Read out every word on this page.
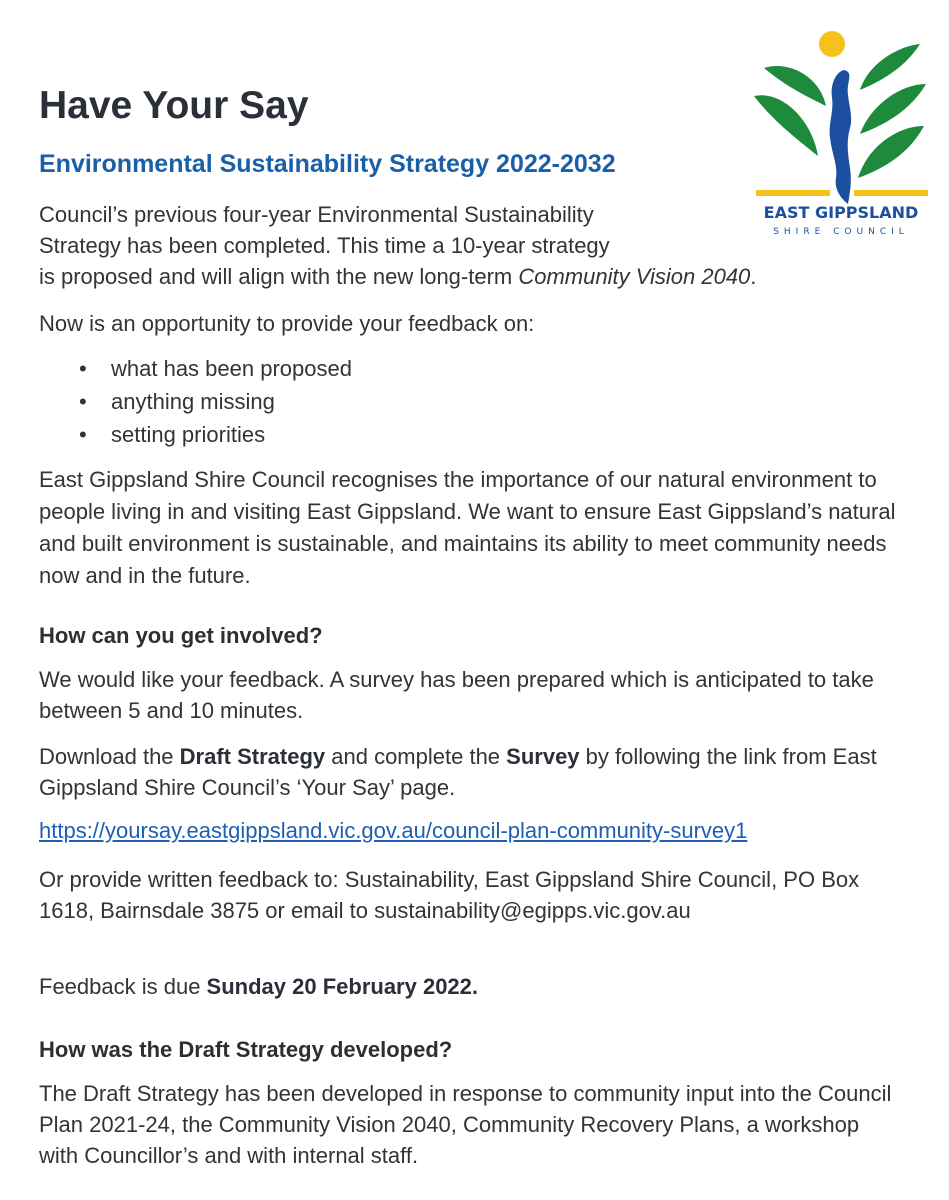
EAST GIPPSLAND
SHIRE COUNCIL
Have Your Say
Environmental Sustainability Strategy 2022-2032

Council’s previous four-year Environmental Sustainability
Strategy has been completed. This time a 10-year strategy
is proposed and will align with the new long-term Community Vision 2040.

Now is an opportunity to provide your feedback on:

• what has been proposed
• anything missing
• setting priorities

East Gippsland Shire Council recognises the importance of our natural environment to people living in and visiting East Gippsland. We want to ensure East Gippsland’s natural and built environment is sustainable, and maintains its ability to meet community needs now and in the future.

How can you get involved?

We would like your feedback. A survey has been prepared which is anticipated to take between 5 and 10 minutes.

Download the Draft Strategy and complete the Survey by following the link from East Gippsland Shire Council’s ‘Your Say’ page.

https://yoursay.eastgippsland.vic.gov.au/council-plan-community-survey1

Or provide written feedback to: Sustainability, East Gippsland Shire Council, PO Box 1618, Bairnsdale 3875 or email to sustainability@egipps.vic.gov.au

Feedback is due Sunday 20 February 2022.

How was the Draft Strategy developed?

The Draft Strategy has been developed in response to community input into the Council Plan 2021-24, the Community Vision 2040, Community Recovery Plans, a workshop with Councillor’s and with internal staff.
